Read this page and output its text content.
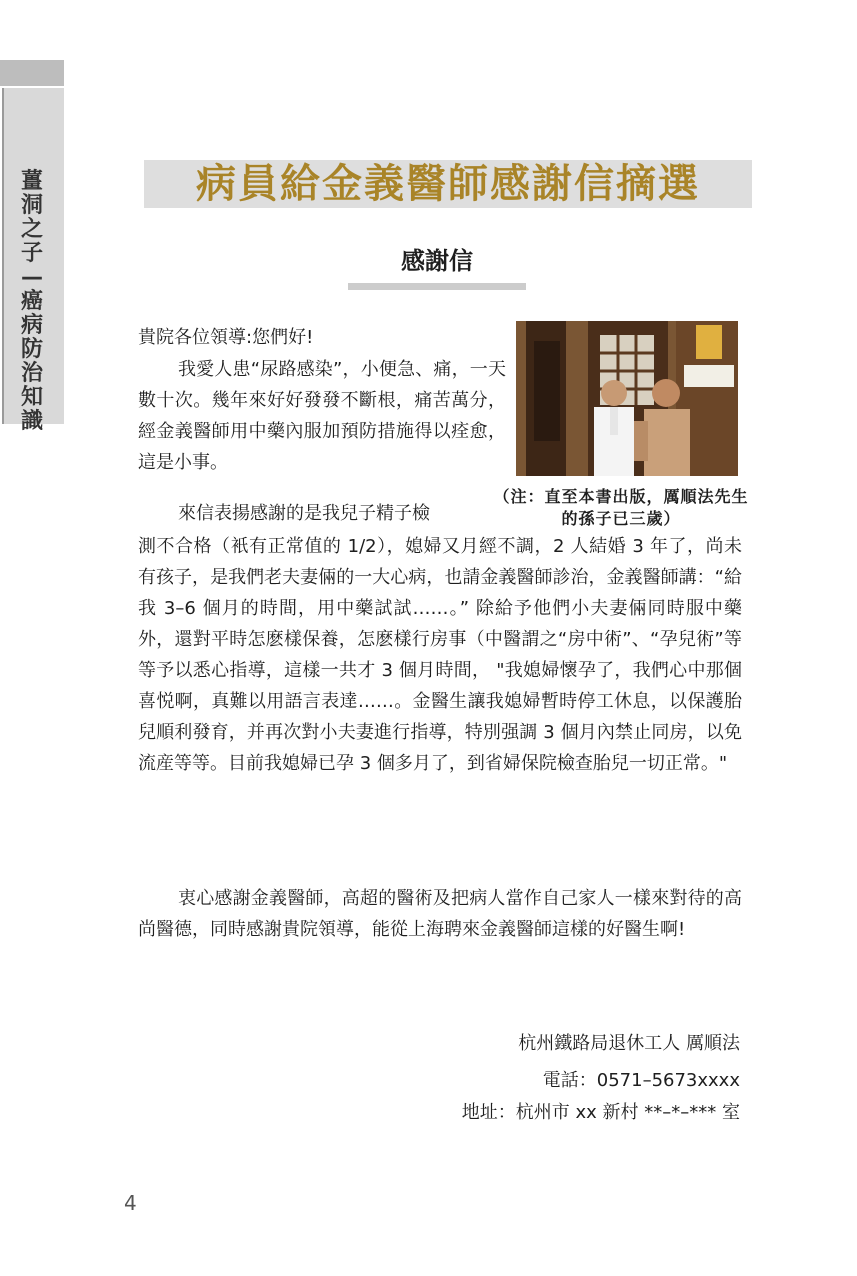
薑洞之子—癌病防治知識
病員給金義醫師感謝信摘選
感謝信
（注：直至本書出版，厲順法先生的孫子已三歲）

貴院各位領導:您們好!

我愛人患“尿路感染”，小便急、痛，一天數十次。幾年來好好發發不斷根，痛苦萬分，經金義醫師用中藥內服加預防措施得以痊愈，這是小事。

來信表揚感謝的是我兒子精子檢

測不合格（衹有正常值的 1/2），媳婦又月經不調，2 人結婚 3 年了，尚未有孩子，是我們老夫妻倆的一大心病，也請金義醫師診治，金義醫師講：“給我 3–6 個月的時間，用中藥試試……。” 除給予他們小夫妻倆同時服中藥外，還對平時怎麽樣保養，怎麽樣行房事（中醫謂之“房中術”、“孕兒術”等等予以悉心指導，這樣一共才 3 個月時間， "我媳婦懷孕了，我們心中那個喜悦啊，真難以用語言表達……。金醫生讓我媳婦暫時停工休息，以保護胎兒順利發育，并再次對小夫妻進行指導，特別强調 3 個月內禁止同房，以免流産等等。目前我媳婦已孕 3 個多月了，到省婦保院檢查胎兒一切正常。"

衷心感謝金義醫師，高超的醫術及把病人當作自己家人一樣來對待的高尚醫德，同時感謝貴院領導，能從上海聘來金義醫師這樣的好醫生啊!

杭州鐵路局退休工人 厲順法
電話：0571–5673xxxx
地址：杭州市 xx 新村 **–*–*** 室
4
